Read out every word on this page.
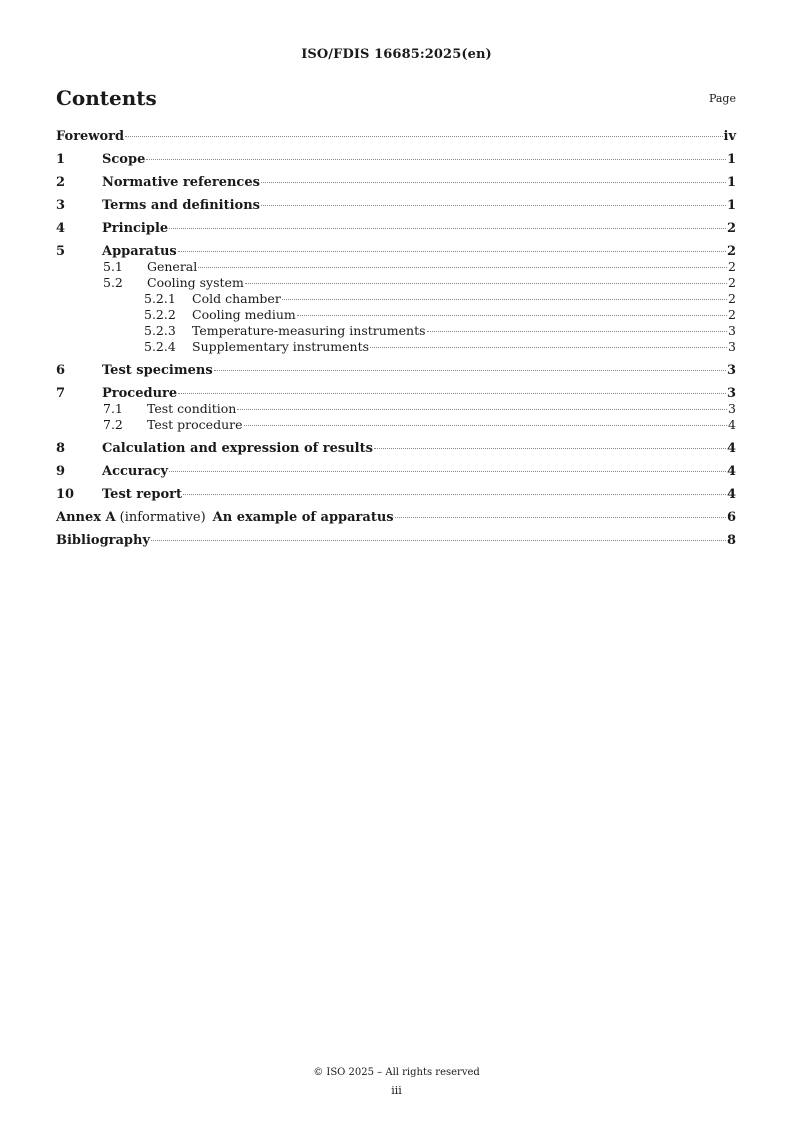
ISO/FDIS 16685:2025(en)
Contents	Page
Foreword	iv
1	Scope	1
2	Normative references	1
3	Terms and definitions	1
4	Principle	2
5	Apparatus	2
5.1	General	2
5.2	Cooling system	2
5.2.1	Cold chamber	2
5.2.2	Cooling medium	2
5.2.3	Temperature-measuring instruments	3
5.2.4	Supplementary instruments	3
6	Test specimens	3
7	Procedure	3
7.1	Test condition	3
7.2	Test procedure	4
8	Calculation and expression of results	4
9	Accuracy	4
10	Test report	4
Annex A (informative) An example of apparatus	6
Bibliography	8
© ISO 2025 – All rights reserved
iii
